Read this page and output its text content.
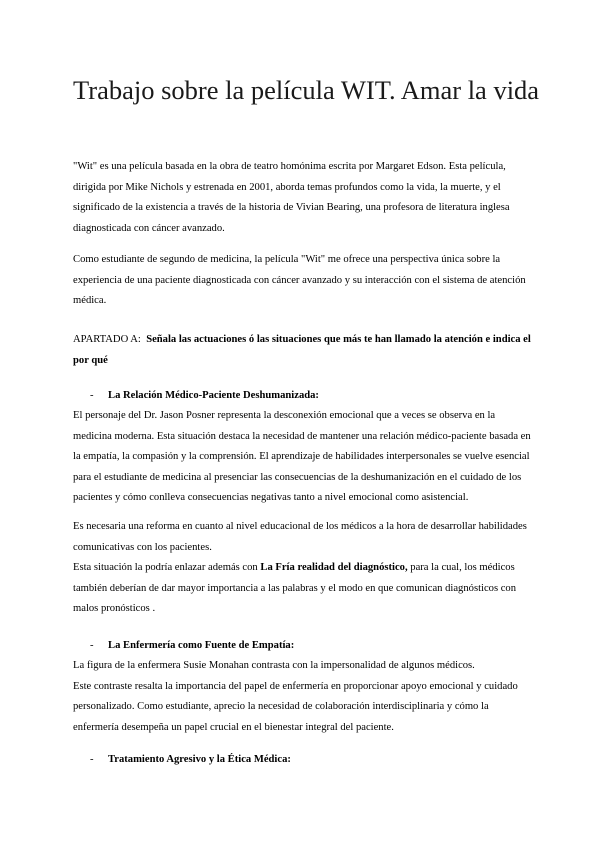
Trabajo sobre la película WIT. Amar la vida

"Wit" es una película basada en la obra de teatro homónima escrita por Margaret Edson. Esta película, dirigida por Mike Nichols y estrenada en 2001, aborda temas profundos como la vida, la muerte, y el significado de la existencia a través de la historia de Vivian Bearing, una profesora de literatura inglesa diagnosticada con cáncer avanzado.

Como estudiante de segundo de medicina, la película "Wit" me ofrece una perspectiva única sobre la experiencia de una paciente diagnosticada con cáncer avanzado y su interacción con el sistema de atención médica.

APARTADO A: Señala las actuaciones ó las situaciones que más te han llamado la atención e indica el por qué

- La Relación Médico-Paciente Deshumanizada:

El personaje del Dr. Jason Posner representa la desconexión emocional que a veces se observa en la medicina moderna. Esta situación destaca la necesidad de mantener una relación médico-paciente basada en la empatía, la compasión y la comprensión. El aprendizaje de habilidades interpersonales se vuelve esencial para el estudiante de medicina al presenciar las consecuencias de la deshumanización en el cuidado de los pacientes y cómo conlleva consecuencias negativas tanto a nivel emocional como asistencial.

Es necesaria una reforma en cuanto al nivel educacional de los médicos a la hora de desarrollar habilidades comunicativas con los pacientes.

Esta situación la podría enlazar además con La Fría realidad del diagnóstico, para la cual, los médicos también deberían de dar mayor importancia a las palabras y el modo en que comunican diagnósticos con malos pronósticos .

- La Enfermería como Fuente de Empatía:

La figura de la enfermera Susie Monahan contrasta con la impersonalidad de algunos médicos.
Este contraste resalta la importancia del papel de enfermería en proporcionar apoyo emocional y cuidado personalizado. Como estudiante, aprecio la necesidad de colaboración interdisciplinaria y cómo la enfermería desempeña un papel crucial en el bienestar integral del paciente.

- Tratamiento Agresivo y la Ética Médica:
